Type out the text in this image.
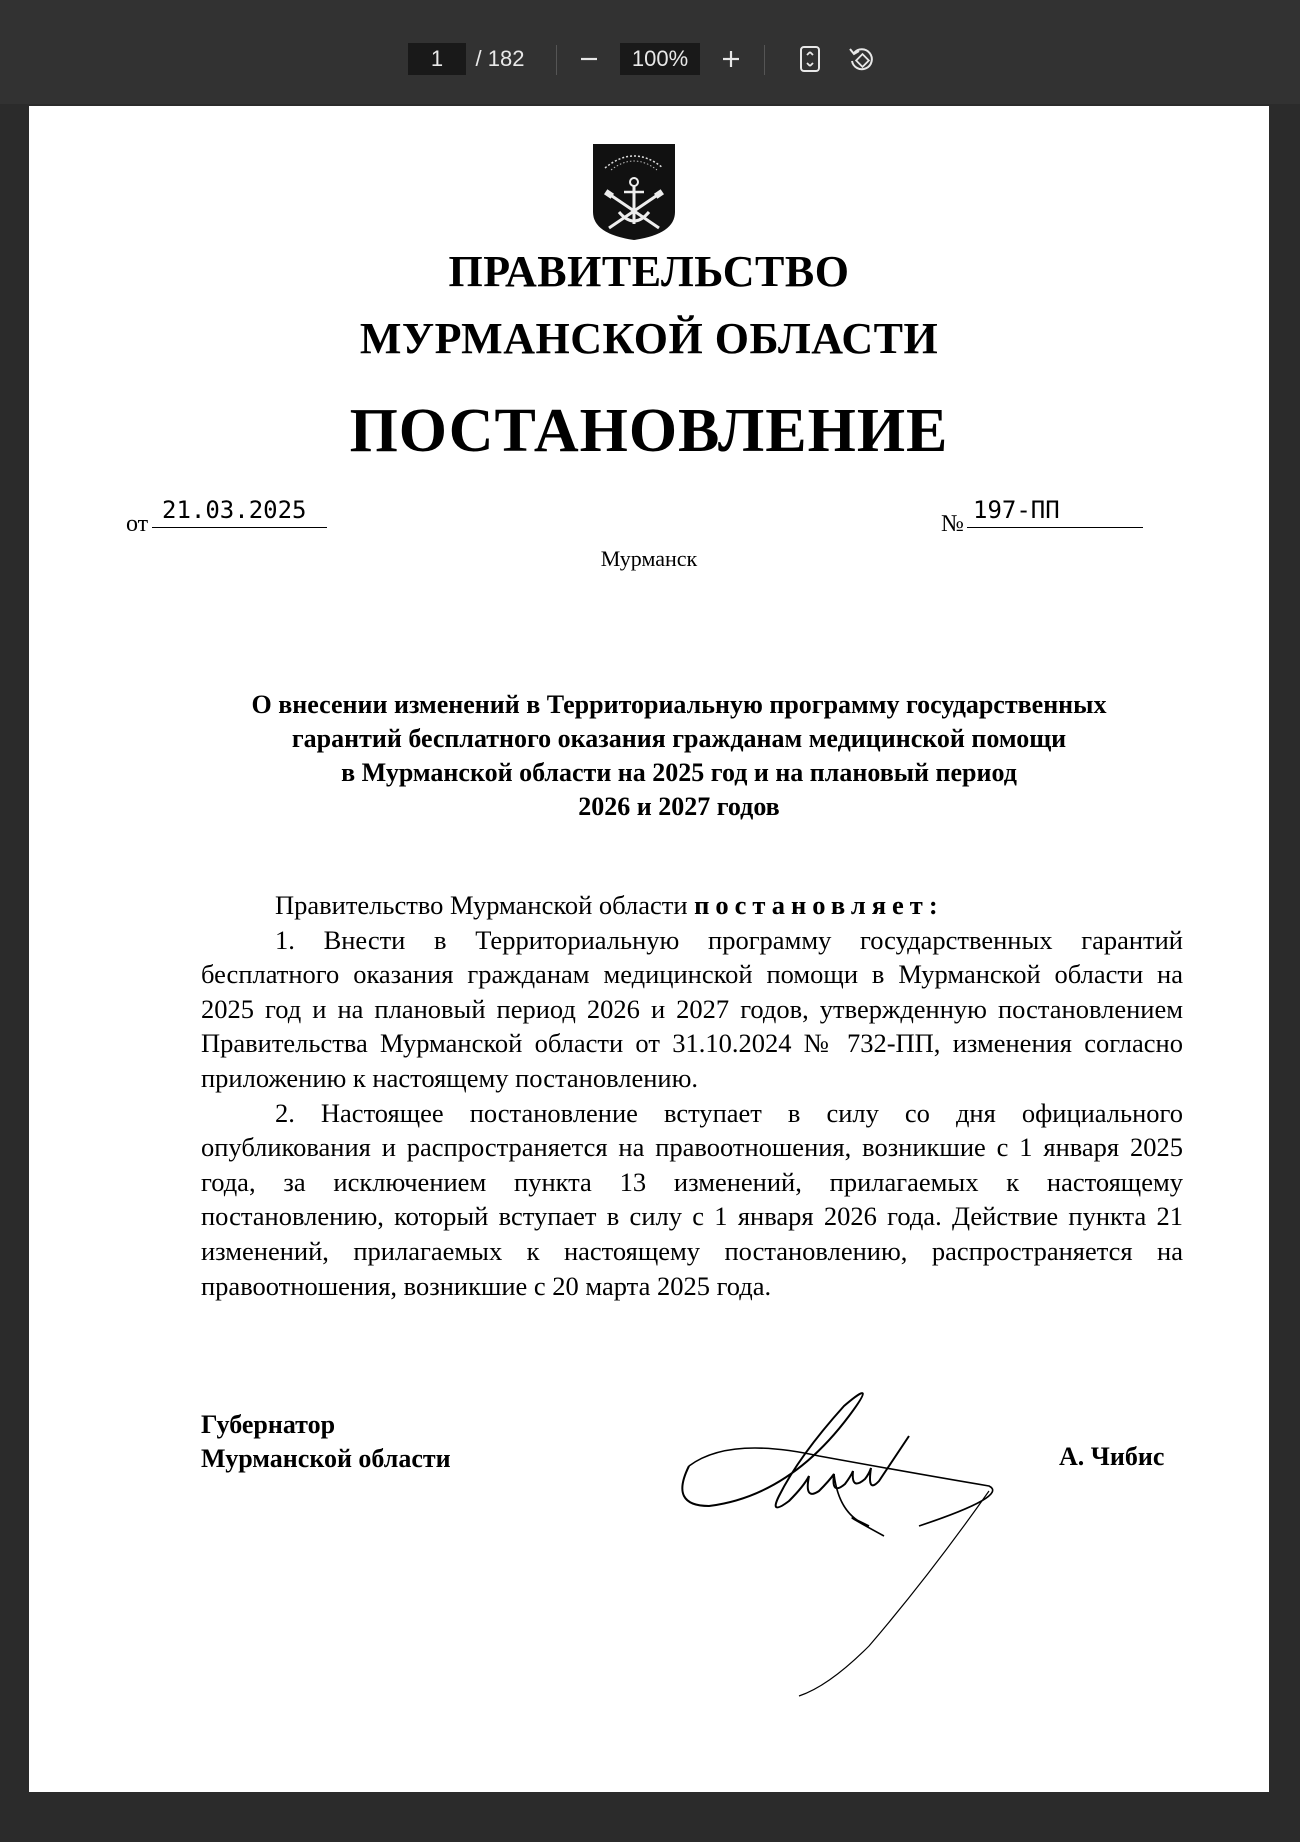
1
/ 182
100%
ПРАВИТЕЛЬСТВО
МУРМАНСКОЙ ОБЛАСТИ
ПОСТАНОВЛЕНИЕ
от 21.03.2025	№ 197-ПП
Мурманск
О внесении изменений в Территориальную программу государственных
гарантий бесплатного оказания гражданам медицинской помощи
в Мурманской области на 2025 год и на плановый период
2026 и 2027 годов

Правительство Мурманской области постановляет:

1. Внести в Территориальную программу государственных гарантий бесплатного оказания гражданам медицинской помощи в Мурманской области на 2025 год и на плановый период 2026 и 2027 годов, утвержденную постановлением Правительства Мурманской области от 31.10.2024 № 732-ПП, изменения согласно приложению к настоящему постановлению.

2. Настоящее постановление вступает в силу со дня официального опубликования и распространяется на правоотношения, возникшие с 1 января 2025 года, за исключением пункта 13 изменений, прилагаемых к настоящему постановлению, который вступает в силу с 1 января 2026 года. Действие пункта 21 изменений, прилагаемых к настоящему постановлению, распространяется на правоотношения, возникшие с 20 марта 2025 года.

Губернатор
Мурманской области	А. Чибис
